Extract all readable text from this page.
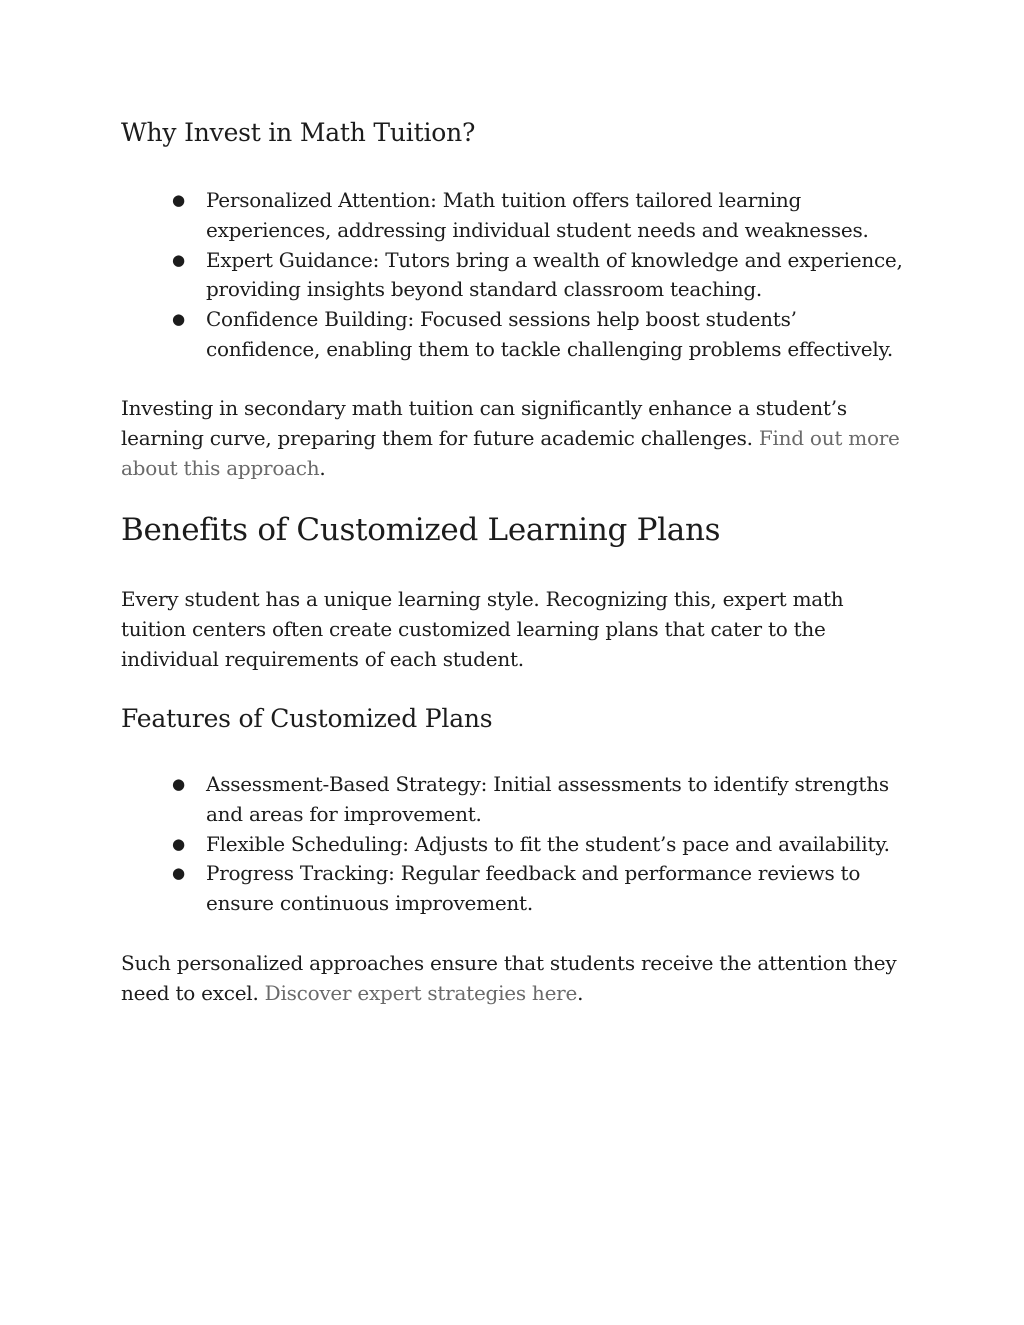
Why Invest in Math Tuition?
● Personalized Attention: Math tuition offers tailored learning
experiences, addressing individual student needs and weaknesses.
● Expert Guidance: Tutors bring a wealth of knowledge and experience,
providing insights beyond standard classroom teaching.
● Confidence Building: Focused sessions help boost students’
confidence, enabling them to tackle challenging problems effectively.

Investing in secondary math tuition can significantly enhance a student’s
learning curve, preparing them for future academic challenges. Find out more
about this approach.

Benefits of Customized Learning Plans

Every student has a unique learning style. Recognizing this, expert math
tuition centers often create customized learning plans that cater to the
individual requirements of each student.

Features of Customized Plans
● Assessment-Based Strategy: Initial assessments to identify strengths
and areas for improvement.
● Flexible Scheduling: Adjusts to fit the student’s pace and availability.
● Progress Tracking: Regular feedback and performance reviews to
ensure continuous improvement.

Such personalized approaches ensure that students receive the attention they
need to excel. Discover expert strategies here.
